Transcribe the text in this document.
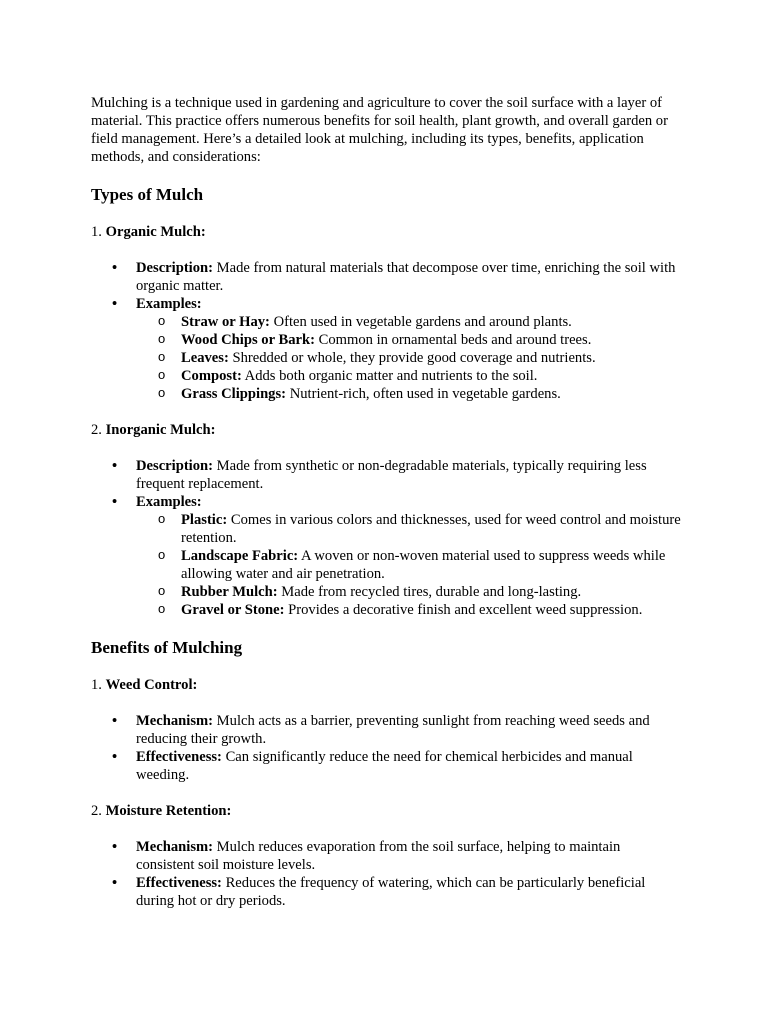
Mulching is a technique used in gardening and agriculture to cover the soil surface with a layer of material. This practice offers numerous benefits for soil health, plant growth, and overall garden or field management. Here’s a detailed look at mulching, including its types, benefits, application methods, and considerations:

Types of Mulch

1. Organic Mulch:

• Description: Made from natural materials that decompose over time, enriching the soil with organic matter.
• Examples:
o Straw or Hay: Often used in vegetable gardens and around plants.
o Wood Chips or Bark: Common in ornamental beds and around trees.
o Leaves: Shredded or whole, they provide good coverage and nutrients.
o Compost: Adds both organic matter and nutrients to the soil.
o Grass Clippings: Nutrient-rich, often used in vegetable gardens.

2. Inorganic Mulch:

• Description: Made from synthetic or non-degradable materials, typically requiring less frequent replacement.
• Examples:
o Plastic: Comes in various colors and thicknesses, used for weed control and moisture retention.
o Landscape Fabric: A woven or non-woven material used to suppress weeds while allowing water and air penetration.
o Rubber Mulch: Made from recycled tires, durable and long-lasting.
o Gravel or Stone: Provides a decorative finish and excellent weed suppression.
Benefits of Mulching

1. Weed Control:

• Mechanism: Mulch acts as a barrier, preventing sunlight from reaching weed seeds and reducing their growth.
• Effectiveness: Can significantly reduce the need for chemical herbicides and manual weeding.

2. Moisture Retention:

• Mechanism: Mulch reduces evaporation from the soil surface, helping to maintain consistent soil moisture levels.
• Effectiveness: Reduces the frequency of watering, which can be particularly beneficial during hot or dry periods.
